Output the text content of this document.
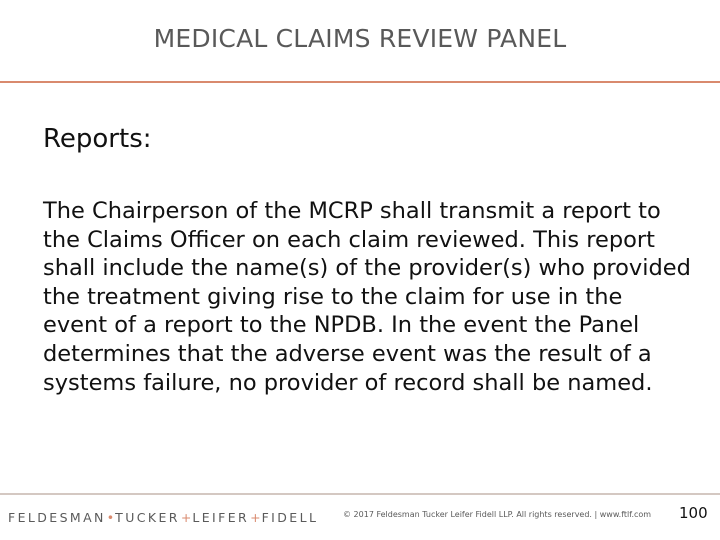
MEDICAL CLAIMS REVIEW PANEL
Reports:

The Chairperson of the MCRP shall transmit a report to the Claims Officer on each claim reviewed. This report shall include the name(s) of the provider(s) who provided the treatment giving rise to the claim for use in the event of a report to the NPDB. In the event the Panel determines that the adverse event was the result of a systems failure, no provider of record shall be named.

FELDESMAN•TUCKER+LEIFER+FIDELL	© 2017 Feldesman Tucker Leifer Fidell LLP. All rights reserved. | www.ftlf.com 100
